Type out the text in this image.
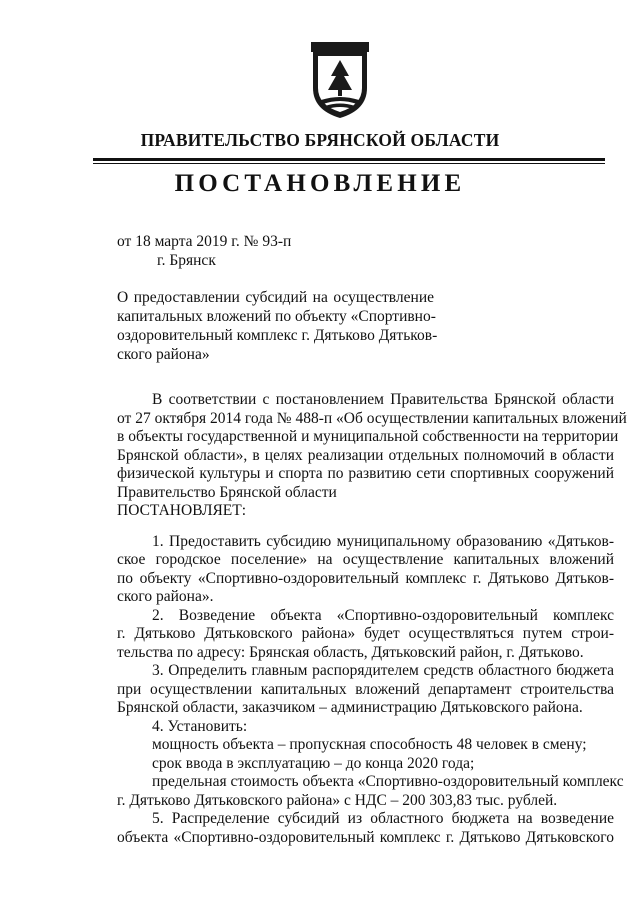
ПРАВИТЕЛЬСТВО БРЯНСКОЙ ОБЛАСТИ
ПОСТАНОВЛЕНИЕ
от 18 марта 2019 г. № 93-п
г. Брянск
О предоставлении субсидий на осуществление
капитальных вложений по объекту «Спортивно-
оздоровительный комплекс г. Дятьково Дятьков-
ского района»
В соответствии с постановлением Правительства Брянской области
от 27 октября 2014 года № 488-п «Об осуществлении капитальных вложений
в объекты государственной и муниципальной собственности на территории
Брянской области», в целях реализации отдельных полномочий в области
физической культуры и спорта по развитию сети спортивных сооружений
Правительство Брянской области
ПОСТАНОВЛЯЕТ:
1. Предоставить субсидию муниципальному образованию «Дятьков-
ское городское поселение» на осуществление капитальных вложений
по объекту «Спортивно-оздоровительный комплекс г. Дятьково Дятьков-
ского района».
2. Возведение объекта «Спортивно-оздоровительный комплекс
г. Дятьково Дятьковского района» будет осуществляться путем строи-
тельства по адресу: Брянская область, Дятьковский район, г. Дятьково.
3. Определить главным распорядителем средств областного бюджета
при осуществлении капитальных вложений департамент строительства
Брянской области, заказчиком – администрацию Дятьковского района.
4. Установить:
мощность объекта – пропускная способность 48 человек в смену;
срок ввода в эксплуатацию – до конца 2020 года;
предельная стоимость объекта «Спортивно-оздоровительный комплекс
г. Дятьково Дятьковского района» с НДС – 200 303,83 тыс. рублей.
5. Распределение субсидий из областного бюджета на возведение
объекта «Спортивно-оздоровительный комплекс г. Дятьково Дятьковского
